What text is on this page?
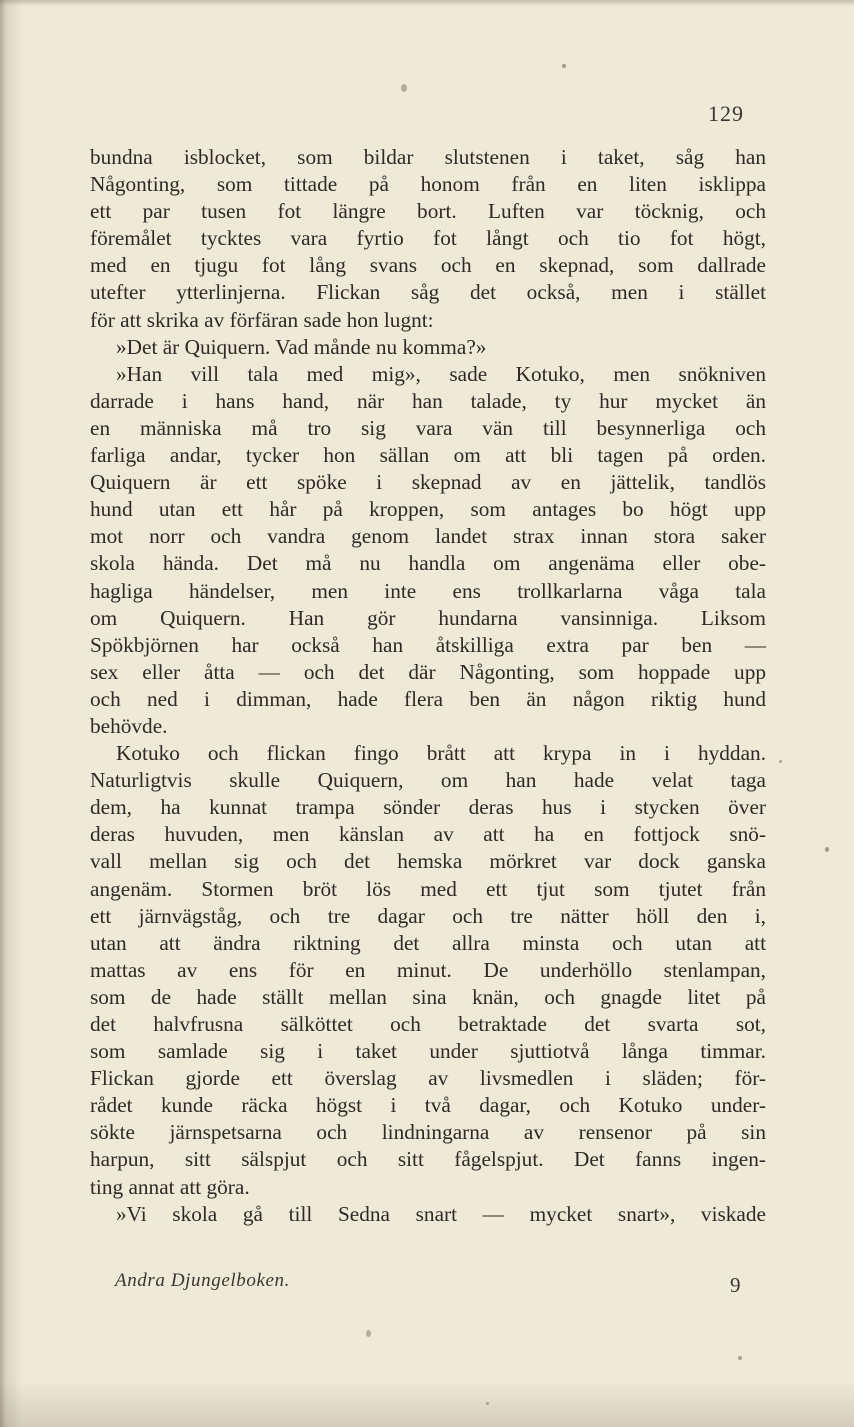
129
bundna isblocket, som bildar slutstenen i taket, såg han
Någonting, som tittade på honom från en liten isklippa
ett par tusen fot längre bort. Luften var töcknig, och
föremålet tycktes vara fyrtio fot långt och tio fot högt,
med en tjugu fot lång svans och en skepnad, som dallrade
utefter ytterlinjerna. Flickan såg det också, men i stället
för att skrika av förfäran sade hon lugnt:
»Det är Quiquern. Vad månde nu komma?»
»Han vill tala med mig», sade Kotuko, men snökniven
darrade i hans hand, när han talade, ty hur mycket än
en människa må tro sig vara vän till besynnerliga och
farliga andar, tycker hon sällan om att bli tagen på orden.
Quiquern är ett spöke i skepnad av en jättelik, tandlös
hund utan ett hår på kroppen, som antages bo högt upp
mot norr och vandra genom landet strax innan stora saker
skola hända. Det må nu handla om angenäma eller obe-
hagliga händelser, men inte ens trollkarlarna våga tala
om Quiquern. Han gör hundarna vansinniga. Liksom
Spökbjörnen har också han åtskilliga extra par ben —
sex eller åtta — och det där Någonting, som hoppade upp
och ned i dimman, hade flera ben än någon riktig hund
behövde.
Kotuko och flickan fingo brått att krypa in i hyddan.
Naturligtvis skulle Quiquern, om han hade velat taga
dem, ha kunnat trampa sönder deras hus i stycken över
deras huvuden, men känslan av att ha en fottjock snö-
vall mellan sig och det hemska mörkret var dock ganska
angenäm. Stormen bröt lös med ett tjut som tjutet från
ett järnvägståg, och tre dagar och tre nätter höll den i,
utan att ändra riktning det allra minsta och utan att
mattas av ens för en minut. De underhöllo stenlampan,
som de hade ställt mellan sina knän, och gnagde litet på
det halvfrusna sälköttet och betraktade det svarta sot,
som samlade sig i taket under sjuttiotvå långa timmar.
Flickan gjorde ett överslag av livsmedlen i släden; för-
rådet kunde räcka högst i två dagar, och Kotuko under-
sökte järnspetsarna och lindningarna av rensenor på sin
harpun, sitt sälspjut och sitt fågelspjut. Det fanns ingen-
ting annat att göra.
»Vi skola gå till Sedna snart — mycket snart», viskade
Andra Djungelboken.	9
